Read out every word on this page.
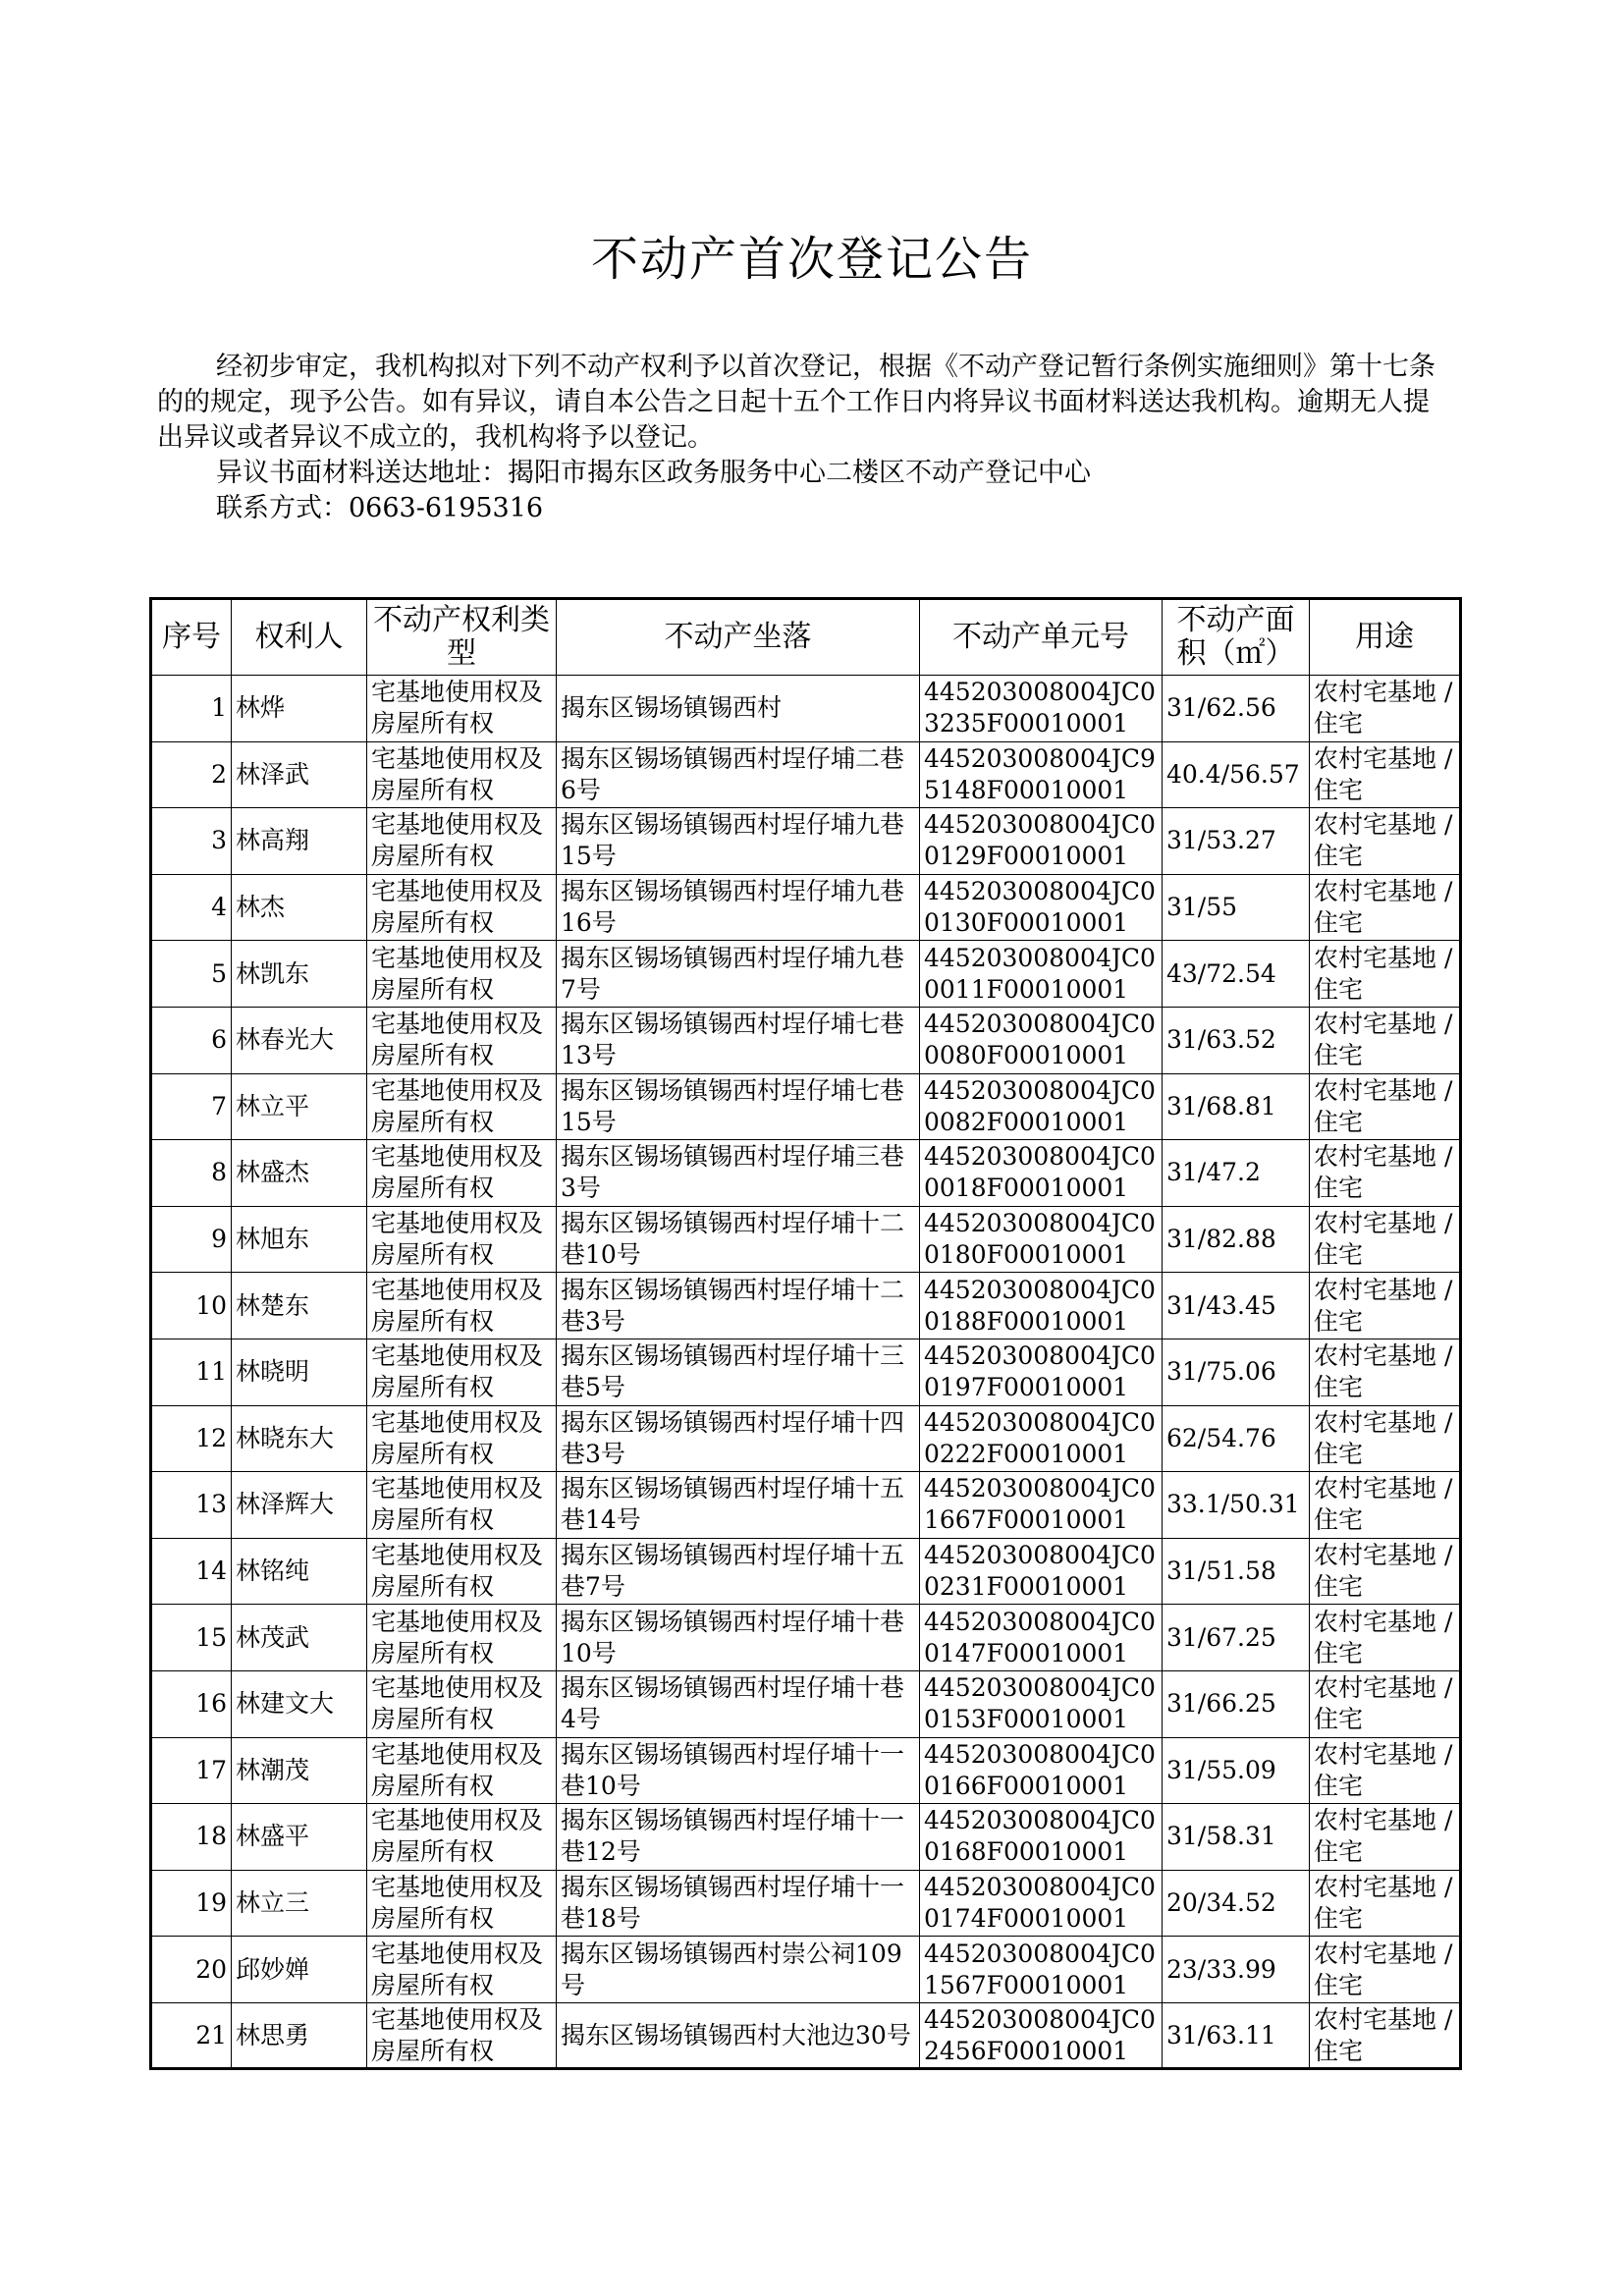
不动产首次登记公告

经初步审定，我机构拟对下列不动产权利予以首次登记，根据《不动产登记暂行条例实施细则》第十七条的的规定，现予公告。如有异议，请自本公告之日起十五个工作日内将异议书面材料送达我机构。逾期无人提出异议或者异议不成立的，我机构将予以登记。

异议书面材料送达地址：揭阳市揭东区政务服务中心二楼区不动产登记中心
联系方式：0663-6195316
序号	权利人	不动产权利类型	不动产坐落	不动产单元号	不动产面积（㎡）	用途
1	林烨	宅基地使用权及房屋所有权	揭东区锡场镇锡西村	445203008004JC03235F00010001	31/62.56	农村宅基地 / 住宅
2	林泽武	宅基地使用权及房屋所有权	揭东区锡场镇锡西村埕仔埔二巷6号	445203008004JC95148F00010001	40.4/56.57	农村宅基地 / 住宅
3	林高翔	宅基地使用权及房屋所有权	揭东区锡场镇锡西村埕仔埔九巷15号	445203008004JC00129F00010001	31/53.27	农村宅基地 / 住宅
4	林杰	宅基地使用权及房屋所有权	揭东区锡场镇锡西村埕仔埔九巷16号	445203008004JC00130F00010001	31/55	农村宅基地 / 住宅
5	林凯东	宅基地使用权及房屋所有权	揭东区锡场镇锡西村埕仔埔九巷7号	445203008004JC00011F00010001	43/72.54	农村宅基地 / 住宅
6	林春光大	宅基地使用权及房屋所有权	揭东区锡场镇锡西村埕仔埔七巷13号	445203008004JC00080F00010001	31/63.52	农村宅基地 / 住宅
7	林立平	宅基地使用权及房屋所有权	揭东区锡场镇锡西村埕仔埔七巷15号	445203008004JC00082F00010001	31/68.81	农村宅基地 / 住宅
8	林盛杰	宅基地使用权及房屋所有权	揭东区锡场镇锡西村埕仔埔三巷3号	445203008004JC00018F00010001	31/47.2	农村宅基地 / 住宅
9	林旭东	宅基地使用权及房屋所有权	揭东区锡场镇锡西村埕仔埔十二巷10号	445203008004JC00180F00010001	31/82.88	农村宅基地 / 住宅
10	林楚东	宅基地使用权及房屋所有权	揭东区锡场镇锡西村埕仔埔十二巷3号	445203008004JC00188F00010001	31/43.45	农村宅基地 / 住宅
11	林晓明	宅基地使用权及房屋所有权	揭东区锡场镇锡西村埕仔埔十三巷5号	445203008004JC00197F00010001	31/75.06	农村宅基地 / 住宅
12	林晓东大	宅基地使用权及房屋所有权	揭东区锡场镇锡西村埕仔埔十四巷3号	445203008004JC00222F00010001	62/54.76	农村宅基地 / 住宅
13	林泽辉大	宅基地使用权及房屋所有权	揭东区锡场镇锡西村埕仔埔十五巷14号	445203008004JC01667F00010001	33.1/50.31	农村宅基地 / 住宅
14	林铭纯	宅基地使用权及房屋所有权	揭东区锡场镇锡西村埕仔埔十五巷7号	445203008004JC00231F00010001	31/51.58	农村宅基地 / 住宅
15	林茂武	宅基地使用权及房屋所有权	揭东区锡场镇锡西村埕仔埔十巷10号	445203008004JC00147F00010001	31/67.25	农村宅基地 / 住宅
16	林建文大	宅基地使用权及房屋所有权	揭东区锡场镇锡西村埕仔埔十巷4号	445203008004JC00153F00010001	31/66.25	农村宅基地 / 住宅
17	林潮茂	宅基地使用权及房屋所有权	揭东区锡场镇锡西村埕仔埔十一巷10号	445203008004JC00166F00010001	31/55.09	农村宅基地 / 住宅
18	林盛平	宅基地使用权及房屋所有权	揭东区锡场镇锡西村埕仔埔十一巷12号	445203008004JC00168F00010001	31/58.31	农村宅基地 / 住宅
19	林立三	宅基地使用权及房屋所有权	揭东区锡场镇锡西村埕仔埔十一巷18号	445203008004JC00174F00010001	20/34.52	农村宅基地 / 住宅
20	邱妙婵	宅基地使用权及房屋所有权	揭东区锡场镇锡西村崇公祠109号	445203008004JC01567F00010001	23/33.99	农村宅基地 / 住宅
21	林思勇	宅基地使用权及房屋所有权	揭东区锡场镇锡西村大池边30号	445203008004JC02456F00010001	31/63.11	农村宅基地 / 住宅
